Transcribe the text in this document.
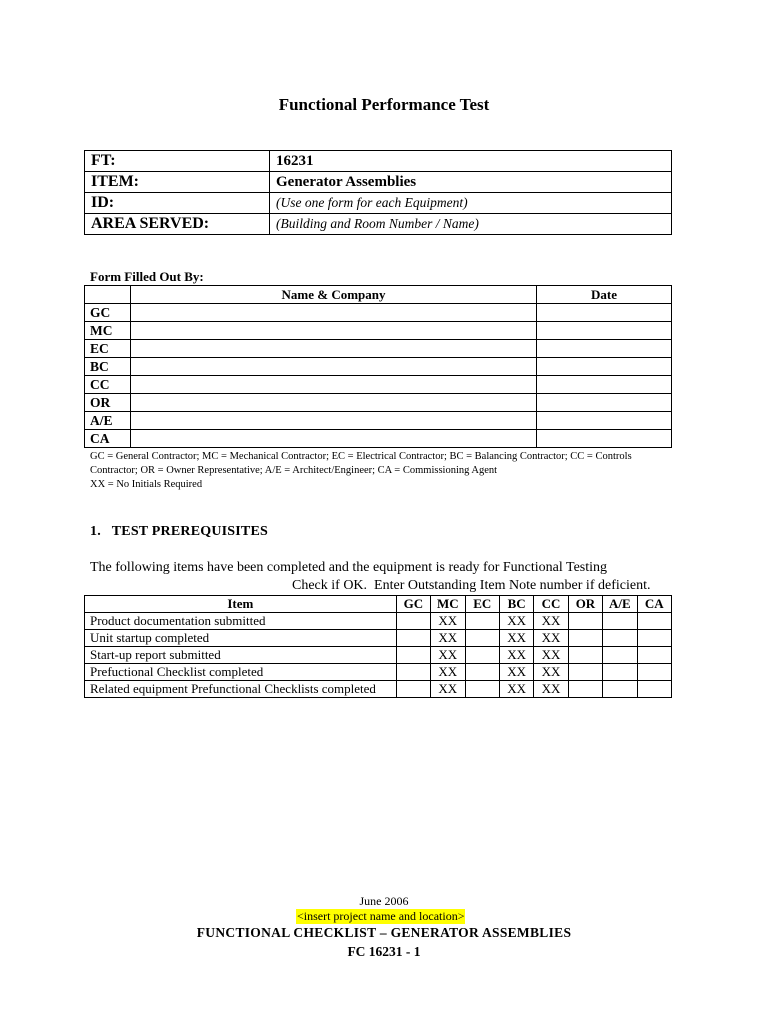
Functional Performance Test
FT:	16231
ITEM:	Generator Assemblies
ID:	(Use one form for each Equipment)
AREA SERVED:	(Building and Room Number / Name)
Form Filled Out By:
	Name & Company	Date
GC		
MC		
EC		
BC		
CC		
OR		
A/E		
CA		
GC = General Contractor; MC = Mechanical Contractor; EC = Electrical Contractor; BC = Balancing Contractor; CC = Controls Contractor; OR = Owner Representative; A/E = Architect/Engineer; CA = Commissioning Agent
XX = No Initials Required
1.   TEST PREREQUISITES
The following items have been completed and the equipment is ready for Functional Testing
Check if OK.  Enter Outstanding Item Note number if deficient.
Item	GC	MC	EC	BC	CC	OR	A/E	CA
Product documentation submitted		XX		XX	XX			
Unit startup completed		XX		XX	XX			
Start-up report submitted		XX		XX	XX			
Prefuctional Checklist completed		XX		XX	XX			
Related equipment Prefunctional Checklists completed		XX		XX	XX			
June 2006
<insert project name and location>
FUNCTIONAL CHECKLIST – GENERATOR ASSEMBLIES
FC 16231 - 1
